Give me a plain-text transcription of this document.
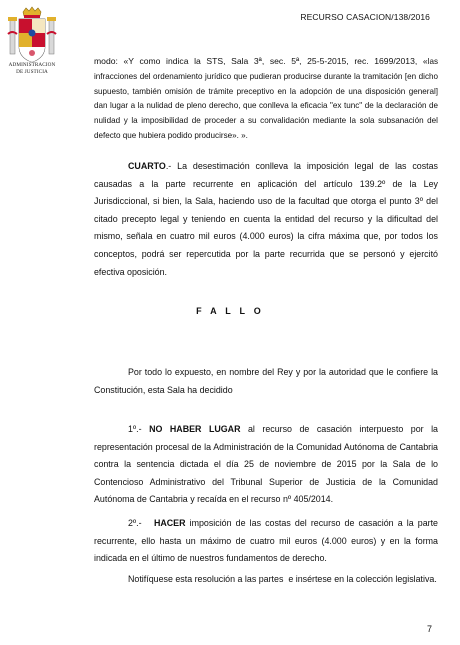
ADMINISTRACION
DE JUSTICIA
RECURSO CASACION/138/2016
modo: «Y como indica la STS, Sala 3ª, sec. 5ª, 25-5-2015, rec. 1699/2013, «las infracciones del ordenamiento jurídico que pudieran producirse durante la tramitación [en dicho supuesto, también omisión de trámite preceptivo en la adopción de una disposición general] dan lugar a la nulidad de pleno derecho, que conlleva la eficacia "ex tunc" de la declaración de nulidad y la imposibilidad de proceder a su convalidación mediante la sola subsanación del defecto que hubiera podido producirse». ».
CUARTO.- La desestimación conlleva la imposición legal de las costas causadas a la parte recurrente en aplicación del artículo 139.2º de la Ley Jurisdiccional, si bien, la Sala, haciendo uso de la facultad que otorga el punto 3º del citado precepto legal y teniendo en cuenta la entidad del recurso y la dificultad del mismo, señala en cuatro mil euros (4.000 euros) la cifra máxima que, por todos los conceptos, podrá ser repercutida por la parte recurrida que se personó y ejercitó efectiva oposición.
F A L L O
Por todo lo expuesto, en nombre del Rey y por la autoridad que le confiere la Constitución, esta Sala ha decidido
1º.- NO HABER LUGAR al recurso de casación interpuesto por la representación procesal de la Administración de la Comunidad Autónoma de Cantabria contra la sentencia dictada el día 25 de noviembre de 2015 por la Sala de lo Contencioso Administrativo del Tribunal Superior de Justicia de la Comunidad Autónoma de Cantabria y recaída en el recurso nº 405/2014.
2º.-   HACER imposición de las costas del recurso de casación a la parte recurrente, ello hasta un máximo de cuatro mil euros (4.000 euros) y en la forma indicada en el último de nuestros fundamentos de derecho.
Notifíquese esta resolución a las partes  e insértese en la colección legislativa.
7
